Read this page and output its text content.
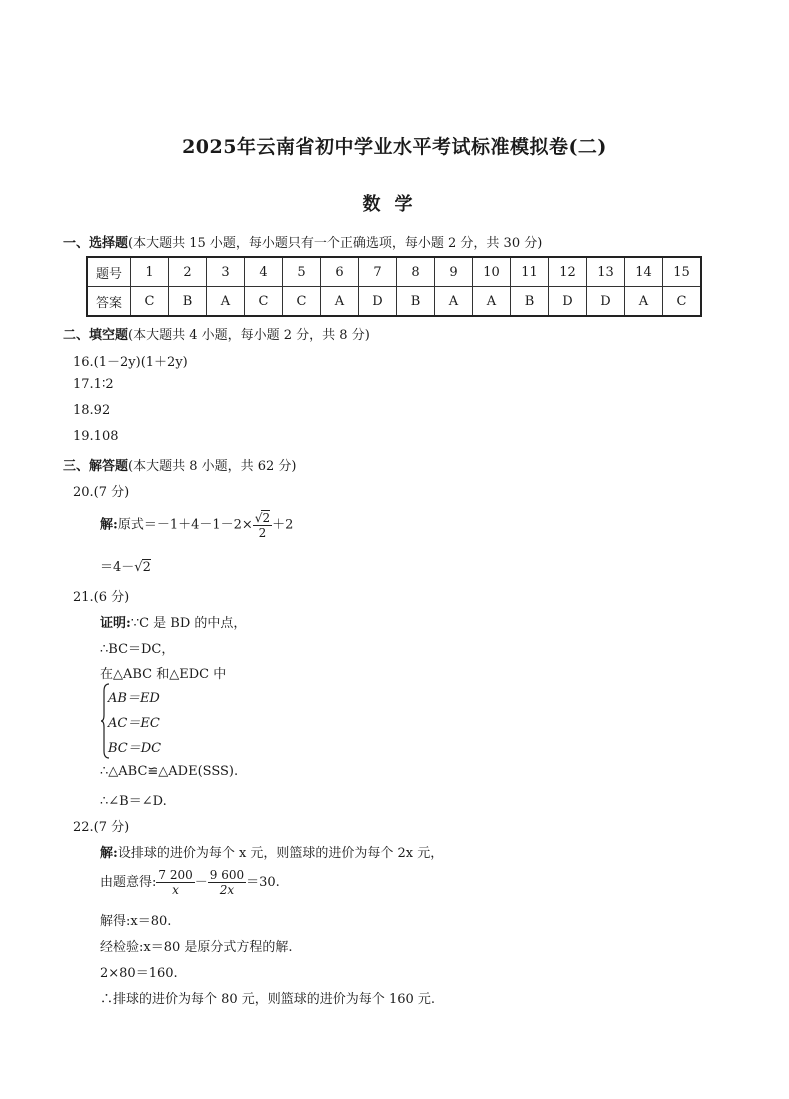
2025年云南省初中学业水平考试标准模拟卷(二)
数学
一、选择题(本大题共 15 小题，每小题只有一个正确选项，每小题 2 分，共 30 分)
题号	1	2	3	4	5	6	7	8	9	10	11	12	13	14	15
答案	C	B	A	C	C	A	D	B	A	A	B	D	D	A	C
二、填空题(本大题共 4 小题，每小题 2 分，共 8 分)
16.(1－2y)(1＋2y)
17.1∶2
18.92
19.108
三、解答题(本大题共 8 小题，共 62 分)
20.(7 分)
解:原式$=-1+4-1-2\times \frac{√2}{2} +2$
＝4－√2
21.(6 分)
证明:∵C 是 BD 的中点，
∴BC＝DC，
在△ABC 和△EDC 中
AB＝ED
AC＝EC
BC＝DC
∴△ABC≌△ADE(SSS).
∴∠B＝∠D.
22.(7 分)
解:设排球的进价为每个 x 元，则篮球的进价为每个 2x 元，
由题意得: $\frac{7 200}{x} - \frac{9 600}{2x} =30$.
解得:x＝80.
经检验:x＝80 是原分式方程的解.
2×80＝160.
∴排球的进价为每个 80 元，则篮球的进价为每个 160 元.
